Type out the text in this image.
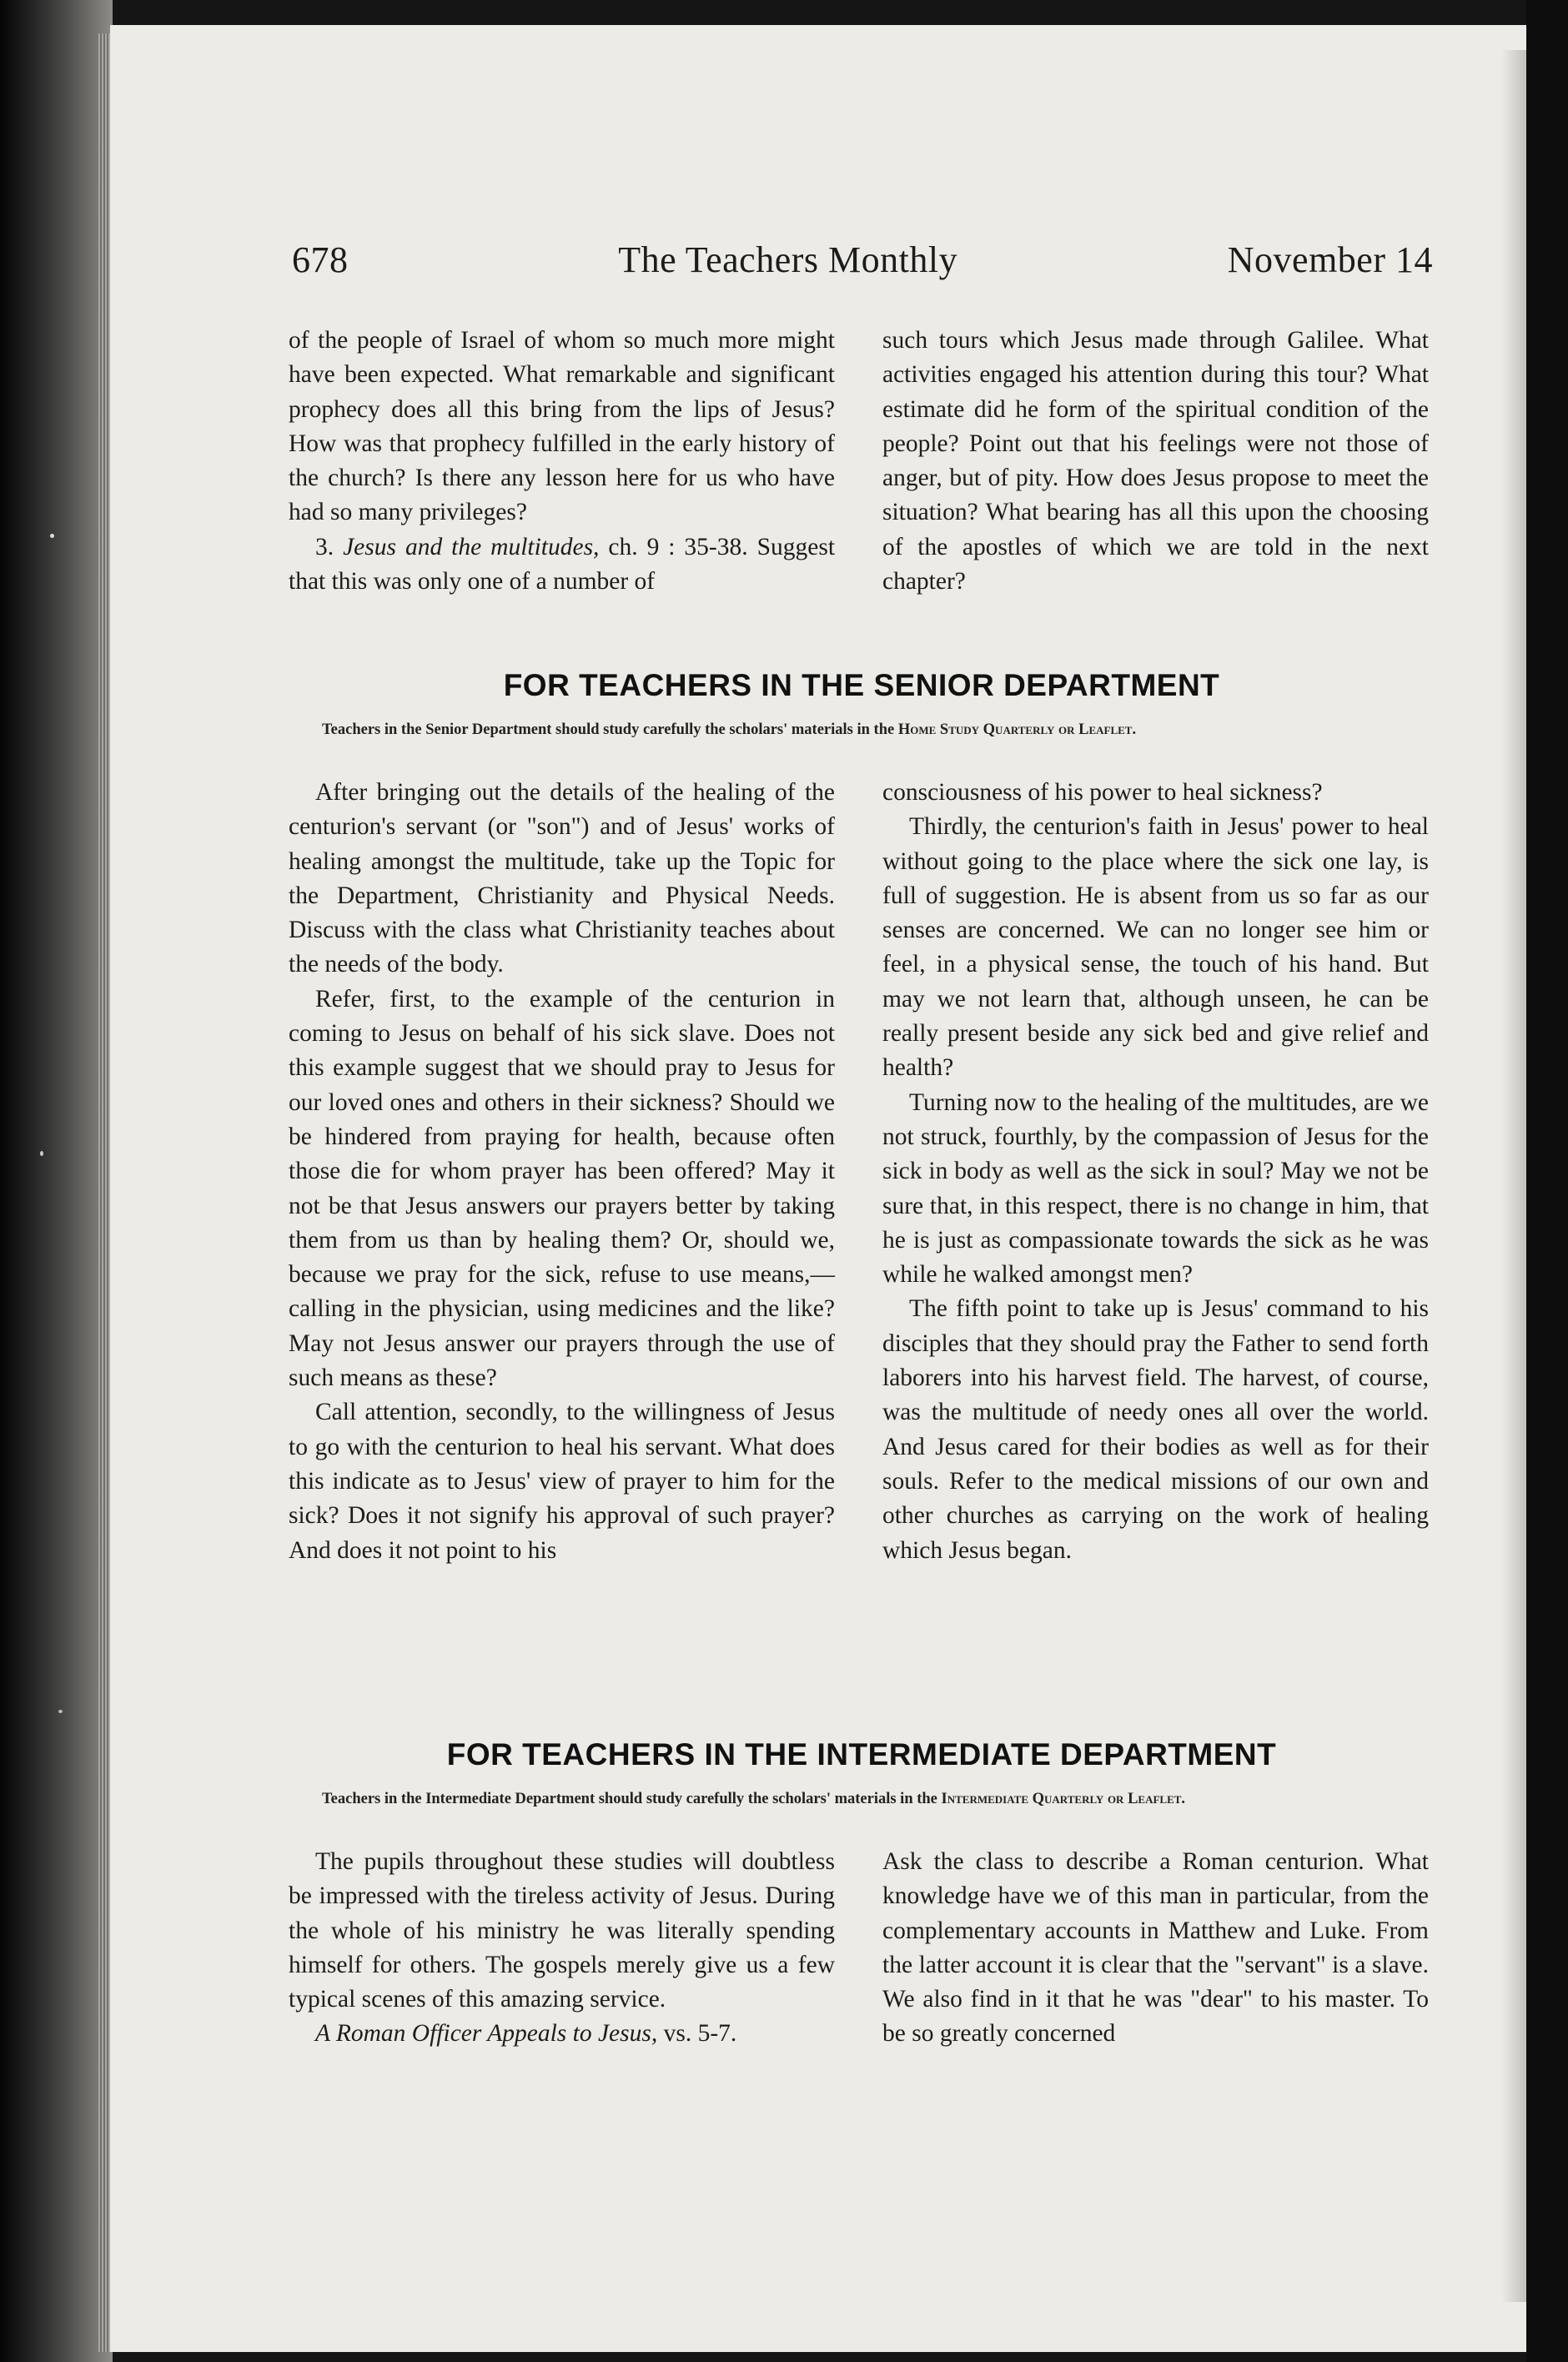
678	The Teachers Monthly	November 14

of the people of Israel of whom so much more might have been expected. What remarkable and significant prophecy does all this bring from the lips of Jesus? How was that prophecy fulfilled in the early history of the church? Is there any lesson here for us who have had so many privileges?

3. Jesus and the multitudes, ch. 9 : 35-38. Suggest that this was only one of a number of

such tours which Jesus made through Galilee. What activities engaged his attention during this tour? What estimate did he form of the spiritual condition of the people? Point out that his feelings were not those of anger, but of pity. How does Jesus propose to meet the situation? What bearing has all this upon the choosing of the apostles of which we are told in the next chapter?

FOR TEACHERS IN THE SENIOR DEPARTMENT
Teachers in the Senior Department should study carefully the scholars' materials in the Home Study Quarterly or Leaflet.

After bringing out the details of the healing of the centurion's servant (or "son") and of Jesus' works of healing amongst the multitude, take up the Topic for the Department, Christianity and Physical Needs. Discuss with the class what Christianity teaches about the needs of the body.

Refer, first, to the example of the centurion in coming to Jesus on behalf of his sick slave. Does not this example suggest that we should pray to Jesus for our loved ones and others in their sickness? Should we be hindered from praying for health, because often those die for whom prayer has been offered? May it not be that Jesus answers our prayers better by taking them from us than by healing them? Or, should we, because we pray for the sick, refuse to use means,—calling in the physician, using medicines and the like? May not Jesus answer our prayers through the use of such means as these?

Call attention, secondly, to the willingness of Jesus to go with the centurion to heal his servant. What does this indicate as to Jesus' view of prayer to him for the sick? Does it not signify his approval of such prayer? And does it not point to his

consciousness of his power to heal sickness?

Thirdly, the centurion's faith in Jesus' power to heal without going to the place where the sick one lay, is full of suggestion. He is absent from us so far as our senses are concerned. We can no longer see him or feel, in a physical sense, the touch of his hand. But may we not learn that, although unseen, he can be really present beside any sick bed and give relief and health?

Turning now to the healing of the multitudes, are we not struck, fourthly, by the compassion of Jesus for the sick in body as well as the sick in soul? May we not be sure that, in this respect, there is no change in him, that he is just as compassionate towards the sick as he was while he walked amongst men?

The fifth point to take up is Jesus' command to his disciples that they should pray the Father to send forth laborers into his harvest field. The harvest, of course, was the multitude of needy ones all over the world. And Jesus cared for their bodies as well as for their souls. Refer to the medical missions of our own and other churches as carrying on the work of healing which Jesus began.

FOR TEACHERS IN THE INTERMEDIATE DEPARTMENT
Teachers in the Intermediate Department should study carefully the scholars' materials in the Intermediate Quarterly or Leaflet.

The pupils throughout these studies will doubtless be impressed with the tireless activity of Jesus. During the whole of his ministry he was literally spending himself for others. The gospels merely give us a few typical scenes of this amazing service.

A Roman Officer Appeals to Jesus, vs. 5-7.

Ask the class to describe a Roman centurion. What knowledge have we of this man in particular, from the complementary accounts in Matthew and Luke. From the latter account it is clear that the "servant" is a slave. We also find in it that he was "dear" to his master. To be so greatly concerned
